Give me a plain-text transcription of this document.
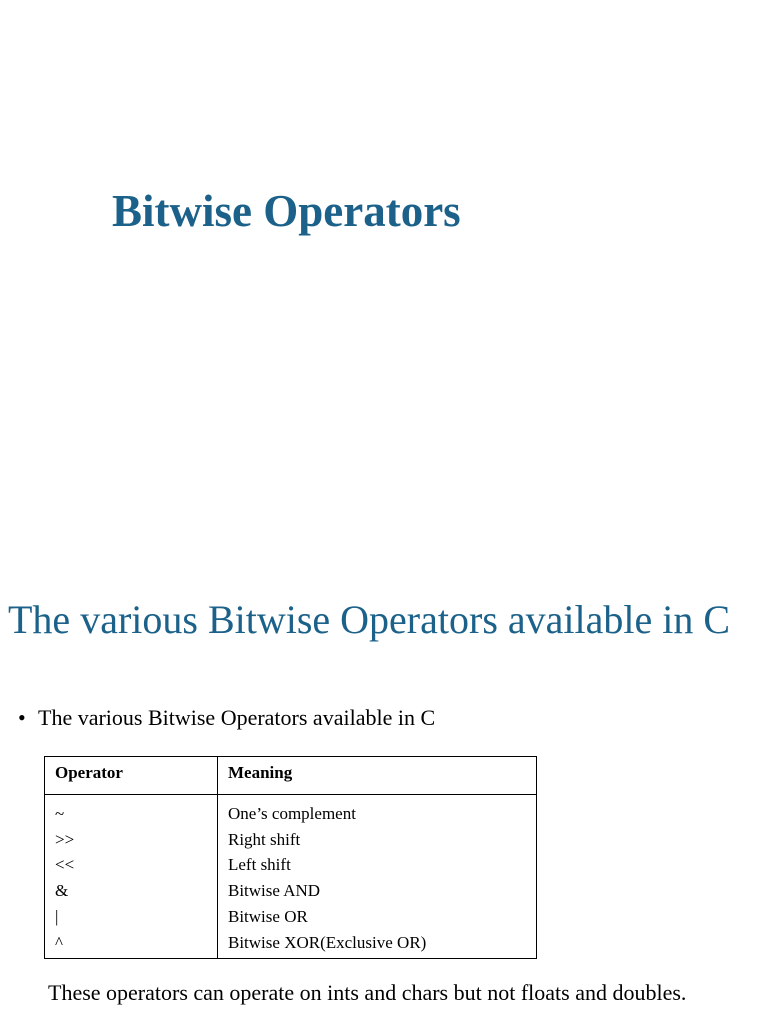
Bitwise Operators
The various Bitwise Operators available in C
• The various Bitwise Operators available in C
Operator	Meaning
~	One’s complement
>>	Right shift
<<	Left shift
&	Bitwise AND
|	Bitwise OR
^	Bitwise XOR(Exclusive OR)

These operators can operate on ints and chars but not floats and doubles.
